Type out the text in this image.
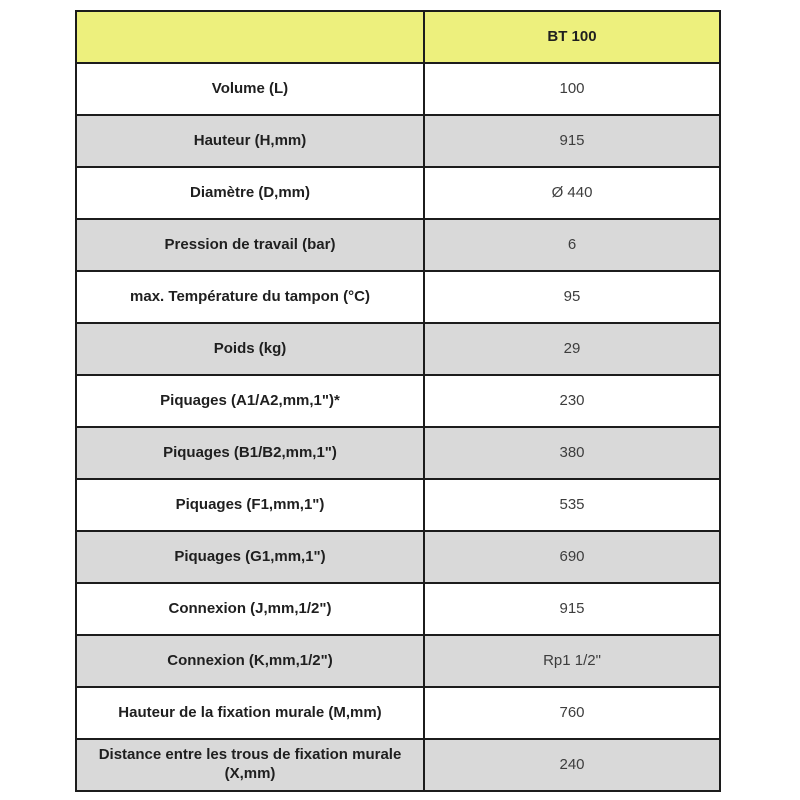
	BT 100
Volume (L)	100
Hauteur (H,mm)	915
Diamètre (D,mm)	Ø 440
Pression de travail (bar)	6
max. Température du tampon (°C)	95
Poids (kg)	29
Piquages (A1/A2,mm,1")*	230
Piquages (B1/B2,mm,1")	380
Piquages (F1,mm,1")	535
Piquages (G1,mm,1")	690
Connexion (J,mm,1/2")	915
Connexion (K,mm,1/2")	Rp1 1/2"
Hauteur de la fixation murale (M,mm)	760
Distance entre les trous de fixation murale (X,mm)	240
